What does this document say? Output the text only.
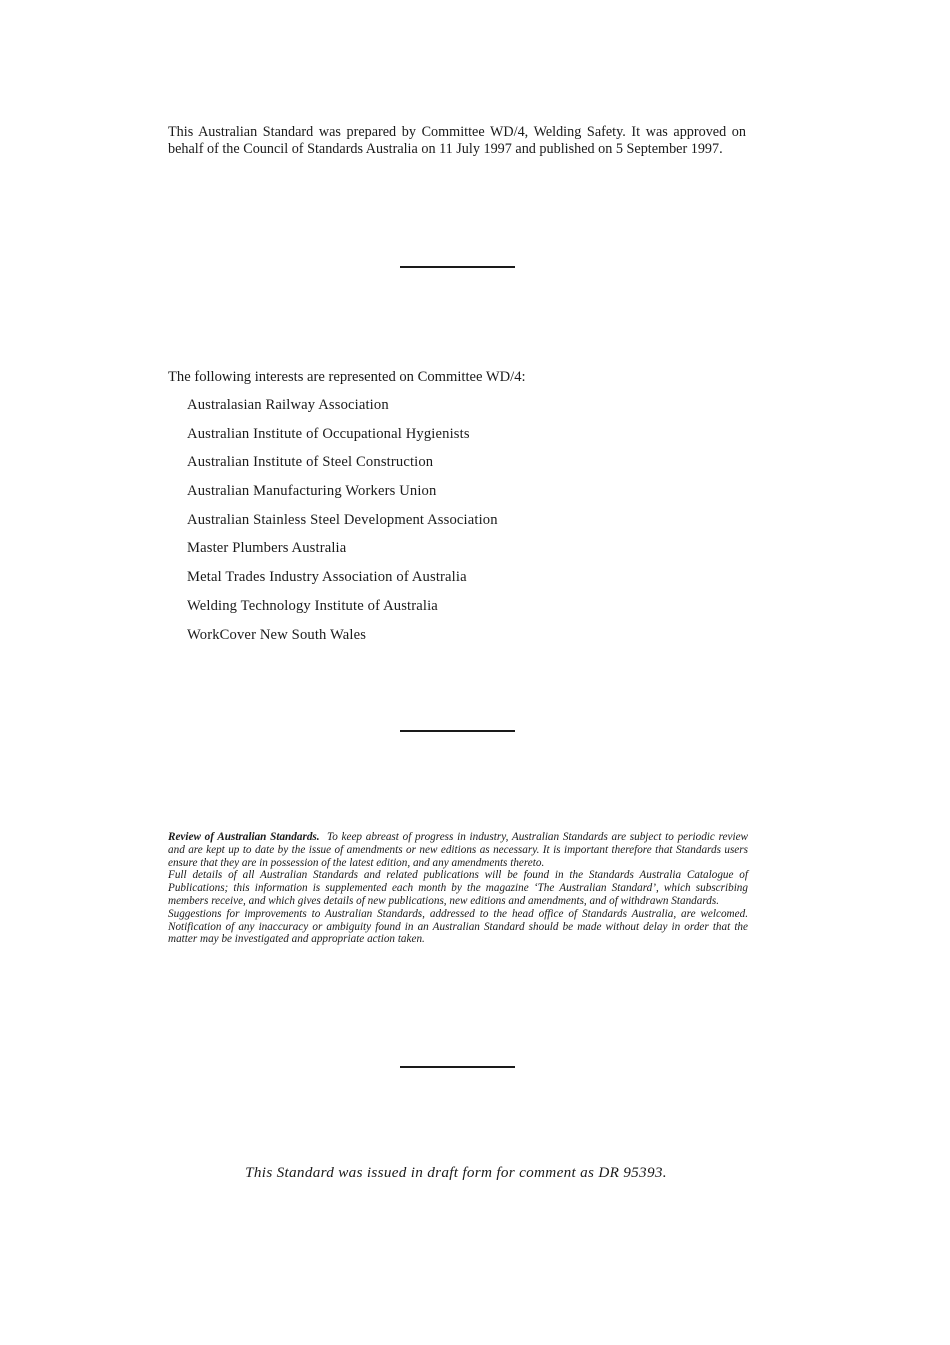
This Australian Standard was prepared by Committee WD/4, Welding Safety. It was approved on behalf of the Council of Standards Australia on 11 July 1997 and published on 5 September 1997.

The following interests are represented on Committee WD/4:

Australasian Railway Association
Australian Institute of Occupational Hygienists
Australian Institute of Steel Construction
Australian Manufacturing Workers Union
Australian Stainless Steel Development Association
Master Plumbers Australia
Metal Trades Industry Association of Australia
Welding Technology Institute of Australia
WorkCover New South Wales

Review of Australian Standards. To keep abreast of progress in industry, Australian Standards are subject to periodic review and are kept up to date by the issue of amendments or new editions as necessary. It is important therefore that Standards users ensure that they are in possession of the latest edition, and any amendments thereto.

Full details of all Australian Standards and related publications will be found in the Standards Australia Catalogue of Publications; this information is supplemented each month by the magazine ‘The Australian Standard’, which subscribing members receive, and which gives details of new publications, new editions and amendments, and of withdrawn Standards.

Suggestions for improvements to Australian Standards, addressed to the head office of Standards Australia, are welcomed. Notification of any inaccuracy or ambiguity found in an Australian Standard should be made without delay in order that the matter may be investigated and appropriate action taken.

This Standard was issued in draft form for comment as DR 95393.
